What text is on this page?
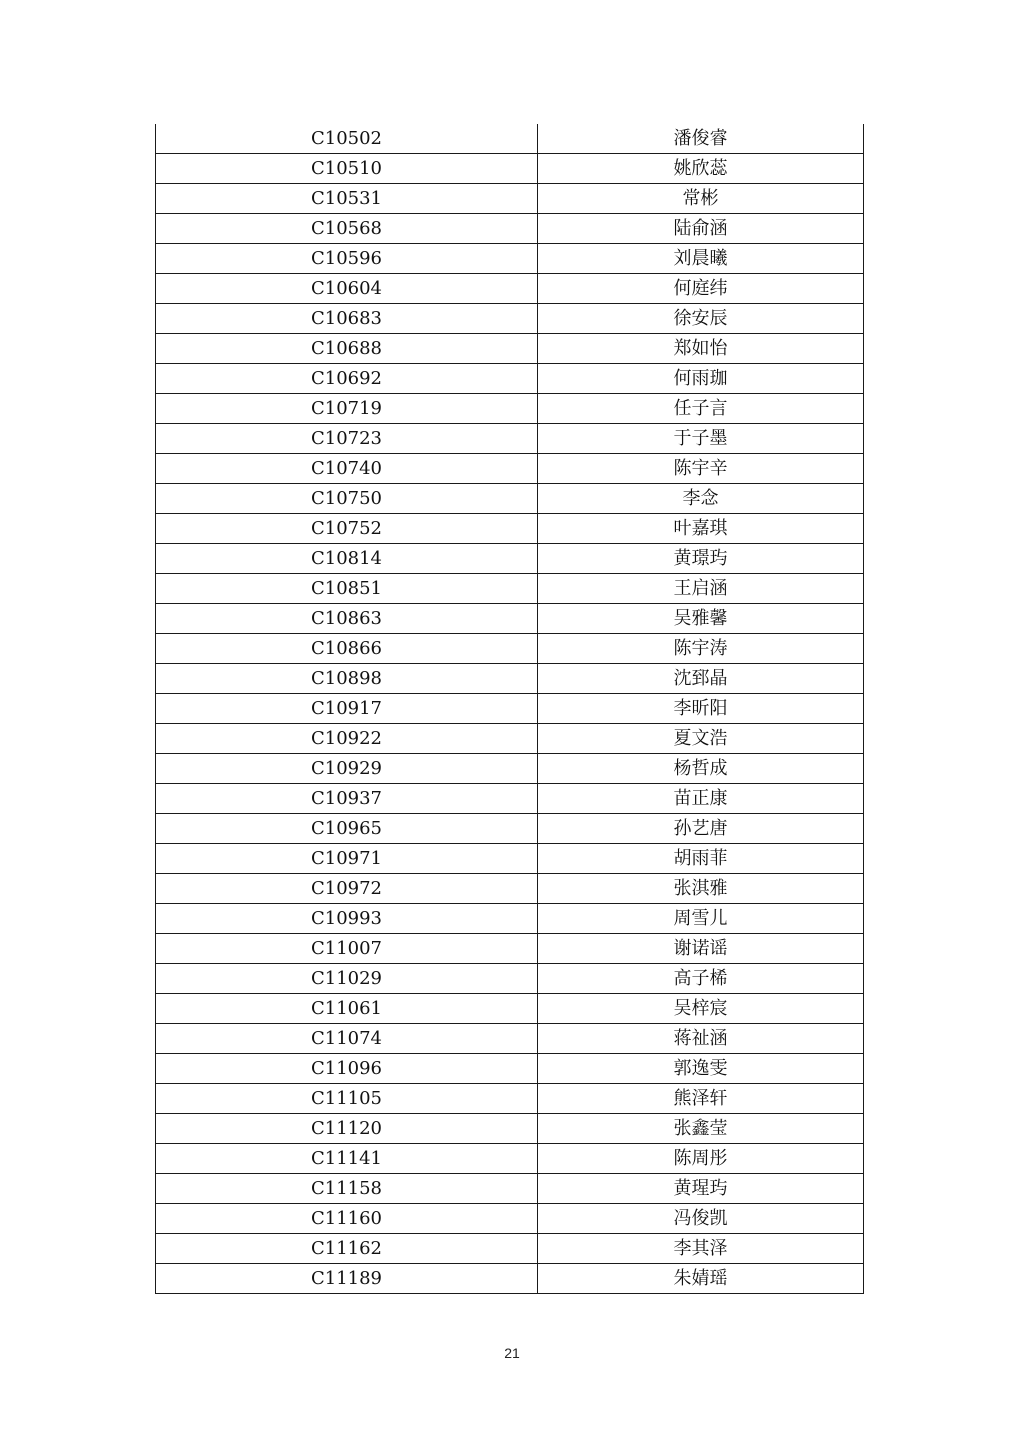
C10502	潘俊睿
C10510	姚欣蕊
C10531	常彬
C10568	陆俞涵
C10596	刘晨曦
C10604	何庭纬
C10683	徐安辰
C10688	郑如怡
C10692	何雨珈
C10719	任子言
C10723	于子墨
C10740	陈宇辛
C10750	李念
C10752	叶嘉琪
C10814	黄璟玙
C10851	王启涵
C10863	吴雅馨
C10866	陈宇涛
C10898	沈郅晶
C10917	李昕阳
C10922	夏文浩
C10929	杨哲成
C10937	苗正康
C10965	孙艺唐
C10971	胡雨菲
C10972	张淇雅
C10993	周雪儿
C11007	谢诺谣
C11029	高子桸
C11061	吴梓宸
C11074	蒋祉涵
C11096	郭逸雯
C11105	熊泽轩
C11120	张鑫莹
C11141	陈周彤
C11158	黄瑆玙
C11160	冯俊凯
C11162	李其泽
C11189	朱婧瑶
21
